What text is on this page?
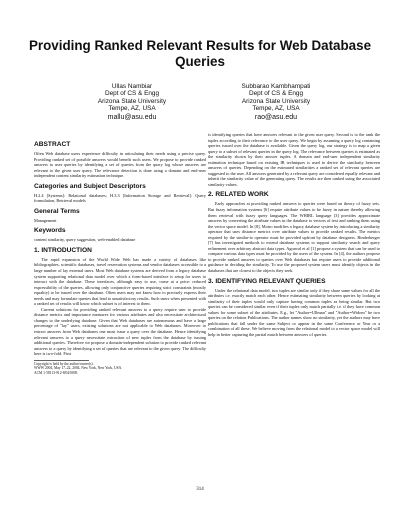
Providing Ranked Relevant Results for Web Database Queries
Ullas Nambiar
Dept of CS & Engg
Arizona State University
Tempe, AZ, USA
mallu@asu.edu
Subbarao Kambhampati
Dept of CS & Engg
Arizona State University
Tempe, AZ, USA
rao@asu.edu
ABSTRACT

Often Web database users experience difficulty in articulating their needs using a precise query. Providing ranked set of possible answers would benefit such users. We propose to provide ranked answers to user queries by identifying a set of queries from the query log whose answers are relevant to the given user query. The relevance detection is done using a domain and end-user independent content similarity estimation technique.

Categories and Subject Descriptors

H.2.4 [Systems]: Relational databases; H.3.3 [Information Storage and Retrieval]: Query formulation, Retrieval models

General Terms

Management

Keywords

content similarity, query suggestion, web-enabled database

1. INTRODUCTION

The rapid expansion of the World Wide Web has made a variety of databases like bibliographies, scientific databases, travel reservation systems and vendor databases accessible to a large number of lay external users. Most Web database systems are derived from a legacy database system supporting relational data model over which a form-based interface is setup for users to interact with the database. These interfaces, although easy to use, come at a price: reduced expressibility of the queries, allowing only conjunctive queries requiring strict constraints (mostly equality) to be issued over the database. Often users may not know how to precisely express their needs and may formulate queries that lead to unsatisfactory results. Such users when presented with a ranked set of results will know which subset is of interest to them.

Current solutions for providing ranked relevant answers to a query require user to provide distance metrics and importance measures for various attributes and also necessitate architectural changes to the underlying database. Given that Web databases are autonomous and have a large percentage of "lay" users, existing solutions are not applicable to Web databases. Moreover to extract answers from Web databases one must issue a query over the database. Hence identifying relevant answers to a query necessitate extraction of new tuples from the database by issuing additional queries. Therefore we propose a domain-independent solution to provide ranked relevant answers to a query by identifying a set of queries that are relevant to the given query. The difficulty here is two-fold. First

Copyright is held by the author/owner(s).
WWW 2004, May 17–22, 2004, New York, New York, USA.
ACM 1-58113-912-8/04/0005.

is identifying queries that have answers relevant to the given user query. Second is to the rank the tuples according to their relevance to the user query. We begin by assuming a query log containing queries issued over the database is available. Given the query log, our strategy is to map a given query to a subset of relevant queries in the query log. The relevance between queries is estimated as the similarity shown by their answer tuples. A domain and end-user independent similarity estimation technique based on existing IR techniques is used to derive the similarity between answers of queries. Depending on the estimated similarities a ranked set of relevant queries are suggested to the user. All answers generated by a relevant query are considered equally relevant and inherit the similarity value of the generating query. The results are then ranked using the associated similarity values.

2. RELATED WORK

Early approaches at providing ranked answers to queries were based on theory of fuzzy sets. But fuzzy information systems [6] require attribute values to be fuzzy in nature thereby allowing them retrieval with fuzzy query languages. The WHIRL language [3] provides approximate answers by converting the attribute values in the database to vectors of text and ranking them using the vector space model. In [8], Motro modifies a legacy database system by introducing a similarity operator that uses distance metrics over attribute values to provide ranked results. The metrics required by the similar-to operator must be provided upfront by database designers. Binderberger [7] has investigated methods to extend database systems to support similarity search and query refinement over arbitrary abstract data types. Agrawal et al [1] propose a system that can be used to compare various data types must be provided by the users of the system. In [4], the authors propose to provide ranked answers to queries over Web databases but require users to provide additional guidance in deciding the similarity. To use the proposed system users must identify objects in the databases that are closest to the objects they seek.

3. IDENTIFYING RELEVANT QUERIES

Under the relational data model, two tuples are similar only if they share same values for all the attributes i.e. exactly match each other. Hence estimating similarity between queries by looking at similarity of their tuples would only capture having common tuples as being similar. But two queries can be considered similar even if their tuples only match partially i.e. if they have common values for some subset of the attributes. E.g., let "Author=Ullman" and "Author=Widom" be two queries on the relation Publications. The author names show no similarity, yet the authors may have publications that fall under the same Subject or appear in the same Conference or Year or a combination of all these. We believe moving from the relational model to a vector space model will help in better capturing the partial match between answers of queries.

314
